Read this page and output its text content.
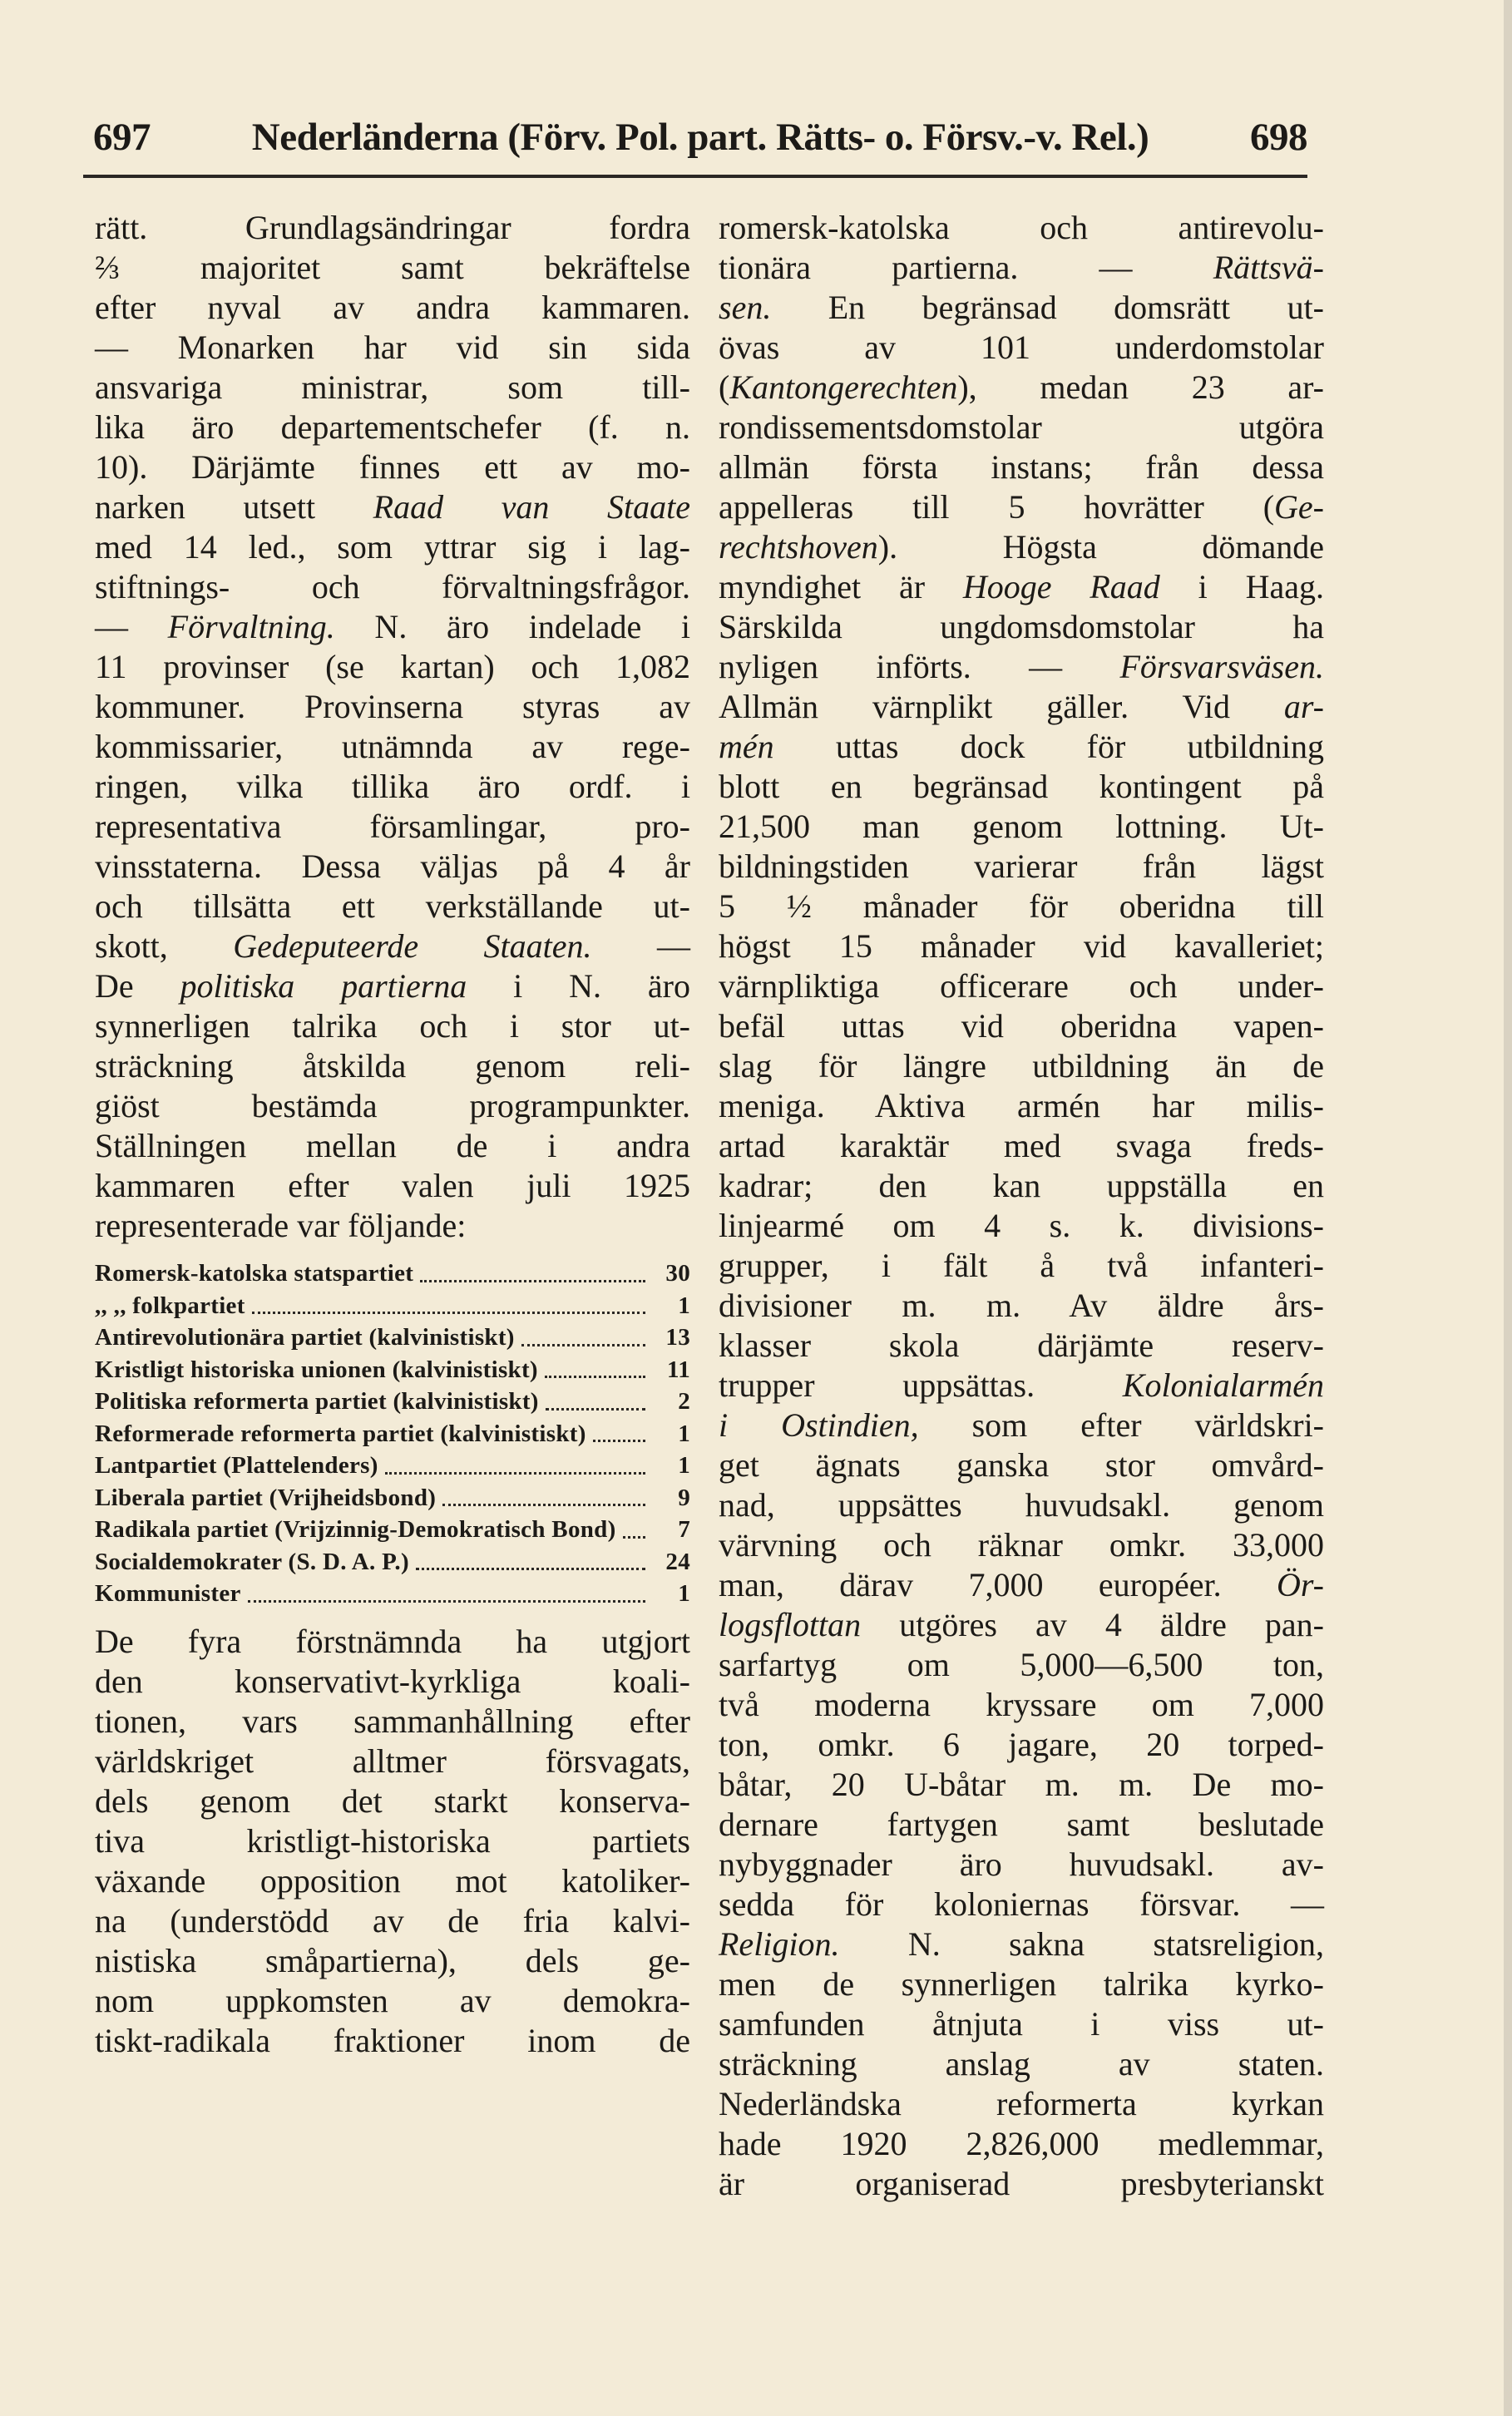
697	Nederländerna (Förv. Pol. part. Rätts- o. Försv.-v. Rel.)	698
rätt. Grundlagsändringar fordra
⅔ majoritet samt bekräftelse
efter nyval av andra kammaren.
— Monarken har vid sin sida
ansvariga ministrar, som till-
lika äro departementschefer (f. n.
10). Därjämte finnes ett av mo-
narken utsett Raad van Staate
med 14 led., som yttrar sig i lag-
stiftnings- och förvaltningsfrågor.
— Förvaltning. N. äro indelade i
11 provinser (se kartan) och 1,082
kommuner. Provinserna styras av
kommissarier, utnämnda av rege-
ringen, vilka tillika äro ordf. i
representativa församlingar, pro-
vinsstaterna. Dessa väljas på 4 år
och tillsätta ett verkställande ut-
skott, Gedeputeerde Staaten. —
De politiska partierna i N. äro
synnerligen talrika och i stor ut-
sträckning åtskilda genom reli-
giöst bestämda programpunkter.
Ställningen mellan de i andra
kammaren efter valen juli 1925
representerade var följande:
Romersk-katolska statspartiet	30
,, ,, folkpartiet	1
Antirevolutionära partiet (kalvinistiskt)	13
Kristligt historiska unionen (kalvinistiskt)	11
Politiska reformerta partiet (kalvinistiskt)	2
Reformerade reformerta partiet (kalvinistiskt)	1
Lantpartiet (Plattelenders)	1
Liberala partiet (Vrijheidsbond)	9
Radikala partiet (Vrijzinnig-Demokratisch Bond)	7
Socialdemokrater (S. D. A. P.)	24
Kommunister	1
De fyra förstnämnda ha utgjort
den konservativt-kyrkliga koali-
tionen, vars sammanhållning efter
världskriget alltmer försvagats,
dels genom det starkt konserva-
tiva kristligt-historiska partiets
växande opposition mot katoliker-
na (understödd av de fria kalvi-
nistiska småpartierna), dels ge-
nom uppkomsten av demokra-
tiskt-radikala fraktioner inom de
romersk-katolska och antirevolu-
tionära partierna. — Rättsvä-
sen. En begränsad domsrätt ut-
övas av 101 underdomstolar
(Kantongerechten), medan 23 ar-
rondissementsdomstolar utgöra
allmän första instans; från dessa
appelleras till 5 hovrätter (Ge-
rechtshoven). Högsta dömande
myndighet är Hooge Raad i Haag.
Särskilda ungdomsdomstolar ha
nyligen införts. — Försvarsväsen.
Allmän värnplikt gäller. Vid ar-
mén uttas dock för utbildning
blott en begränsad kontingent på
21,500 man genom lottning. Ut-
bildningstiden varierar från lägst
5 ½ månader för oberidna till
högst 15 månader vid kavalleriet;
värnpliktiga officerare och under-
befäl uttas vid oberidna vapen-
slag för längre utbildning än de
meniga. Aktiva armén har milis-
artad karaktär med svaga freds-
kadrar; den kan uppställa en
linjearmé om 4 s. k. divisions-
grupper, i fält å två infanteri-
divisioner m. m. Av äldre års-
klasser skola därjämte reserv-
trupper uppsättas. Kolonialarmén
i Ostindien, som efter världskri-
get ägnats ganska stor omvård-
nad, uppsättes huvudsakl. genom
värvning och räknar omkr. 33,000
man, därav 7,000 européer. Ör-
logsflottan utgöres av 4 äldre pan-
sarfartyg om 5,000—6,500 ton,
två moderna kryssare om 7,000
ton, omkr. 6 jagare, 20 torped-
båtar, 20 U-båtar m. m. De mo-
dernare fartygen samt beslutade
nybyggnader äro huvudsakl. av-
sedda för koloniernas försvar. —
Religion. N. sakna statsreligion,
men de synnerligen talrika kyrko-
samfunden åtnjuta i viss ut-
sträckning anslag av staten.
Nederländska reformerta kyrkan
hade 1920 2,826,000 medlemmar,
är organiserad presbyterianskt
